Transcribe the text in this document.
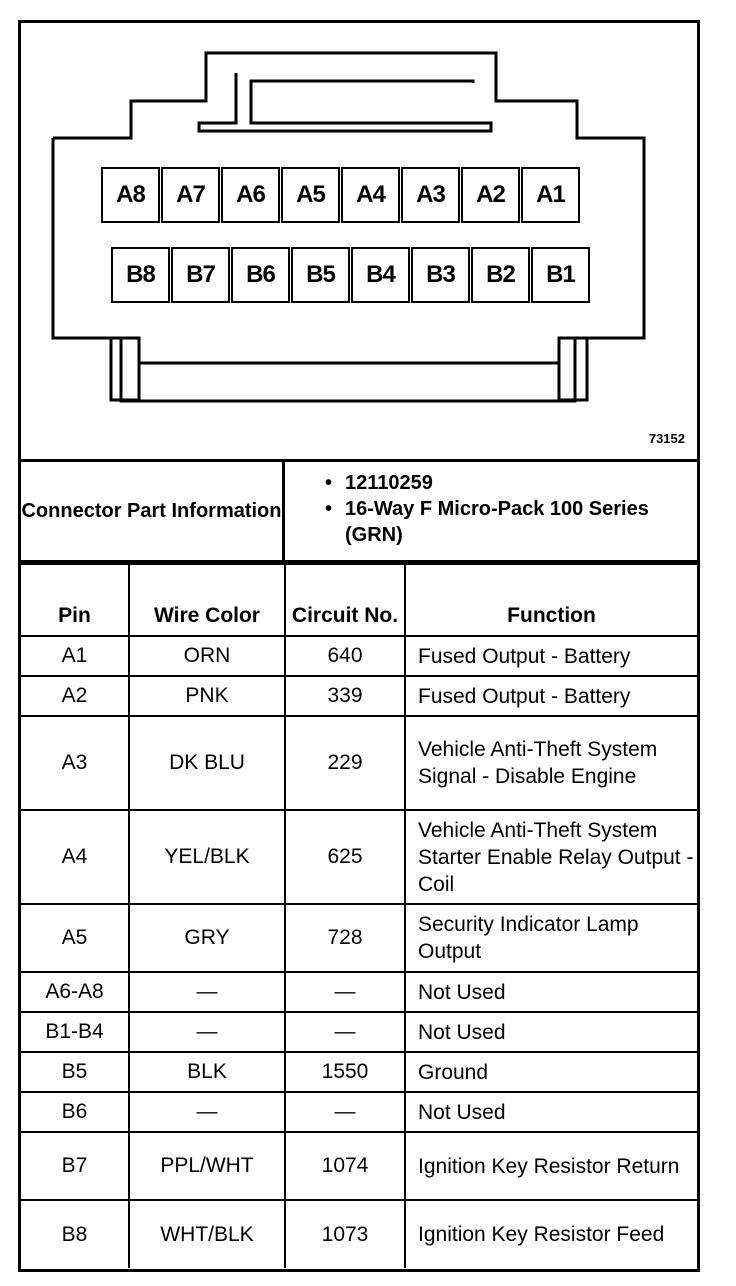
A8	A7	A6	A5	A4	A3	A2	A1
B8	B7	B6	B5	B4	B3	B2	B1
73152
Connector Part Information
• 12110259
• 16-Way F Micro-Pack 100 Series (GRN)
Pin	Wire Color	Circuit No.	Function
A1	ORN	640	Fused Output - Battery
A2	PNK	339	Fused Output - Battery
A3	DK BLU	229	Vehicle Anti-Theft System Signal - Disable Engine
A4	YEL/BLK	625	Vehicle Anti-Theft System Starter Enable Relay Output - Coil
A5	GRY	728	Security Indicator Lamp Output
A6-A8	—	—	Not Used
B1-B4	—	—	Not Used
B5	BLK	1550	Ground
B6	—	—	Not Used
B7	PPL/WHT	1074	Ignition Key Resistor Return
B8	WHT/BLK	1073	Ignition Key Resistor Feed
